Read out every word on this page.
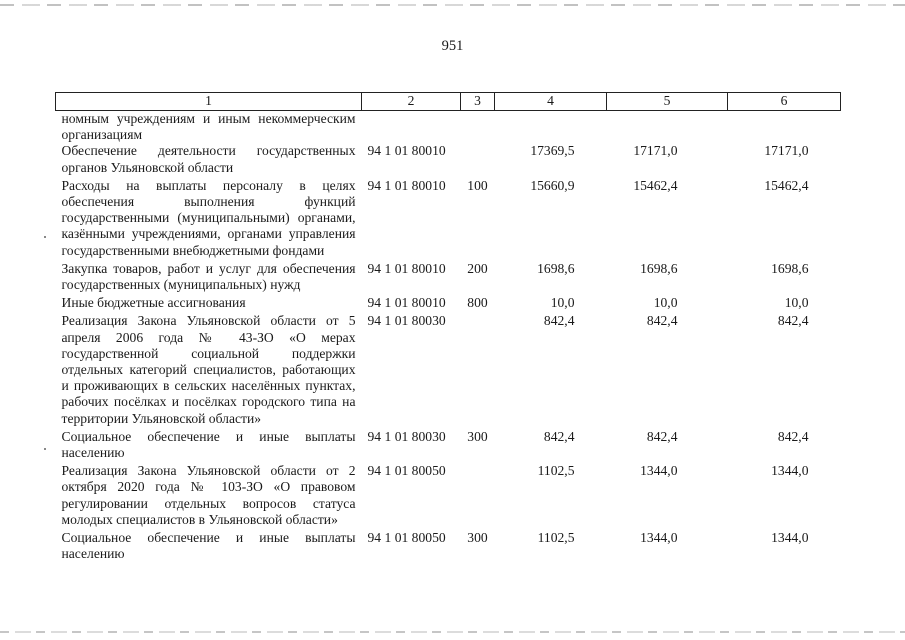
951
1	2	3	4	5	6
номным учреждениям и иным некоммерческим организациям					
Обеспечение деятельности государственных органов Ульяновской области	94 1 01 80010		17369,5	17171,0	17171,0
Расходы на выплаты персоналу в целях обеспечения выполнения функций государственными (муниципальными) органами, казёнными учреждениями, органами управления государственными внебюджетными фондами	94 1 01 80010	100	15660,9	15462,4	15462,4
Закупка товаров, работ и услуг для обеспечения государственных (муниципальных) нужд	94 1 01 80010	200	1698,6	1698,6	1698,6
Иные бюджетные ассигнования	94 1 01 80010	800	10,0	10,0	10,0
Реализация Закона Ульяновской области от 5 апреля 2006 года № 43-ЗО «О мерах государственной социальной поддержки отдельных категорий специалистов, работающих и проживающих в сельских населённых пунктах, рабочих посёлках и посёлках городского типа на территории Ульяновской области»	94 1 01 80030		842,4	842,4	842,4
Социальное обеспечение и иные выплаты населению	94 1 01 80030	300	842,4	842,4	842,4
Реализация Закона Ульяновской области от 2 октября 2020 года № 103-ЗО «О правовом регулировании отдельных вопросов статуса молодых специалистов в Ульяновской области»	94 1 01 80050		1102,5	1344,0	1344,0
Социальное обеспечение и иные выплаты населению	94 1 01 80050	300	1102,5	1344,0	1344,0
